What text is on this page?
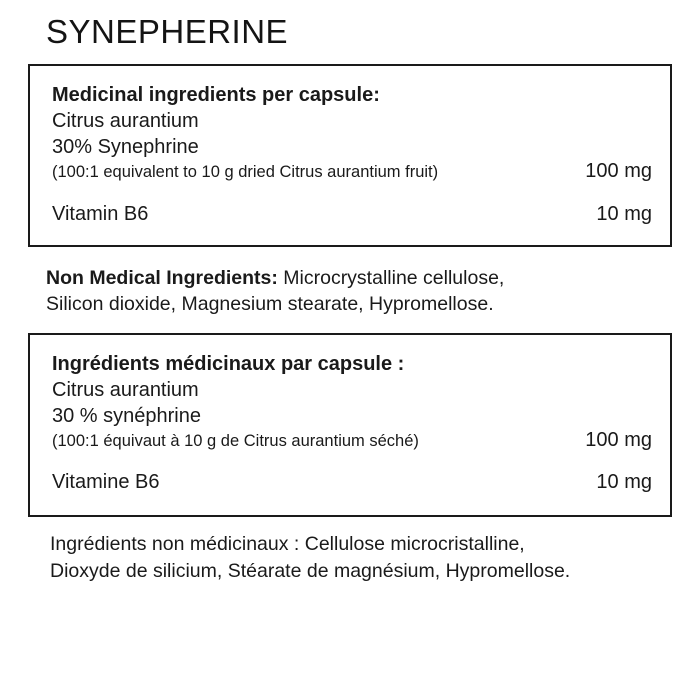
SYNEPHERINE
Medicinal ingredients per capsule:
Citrus aurantium
30% Synephrine
(100:1 equivalent to 10 g dried Citrus aurantium fruit)	100 mg
Vitamin B6	10 mg
Non Medical Ingredients: Microcrystalline cellulose,
Silicon dioxide, Magnesium stearate, Hypromellose.
Ingrédients médicinaux par capsule :
Citrus aurantium
30 % synéphrine
(100:1 équivaut à 10 g de Citrus aurantium séché)	100 mg
Vitamine B6	10 mg
Ingrédients non médicinaux : Cellulose microcristalline,
Dioxyde de silicium, Stéarate de magnésium, Hypromellose.
